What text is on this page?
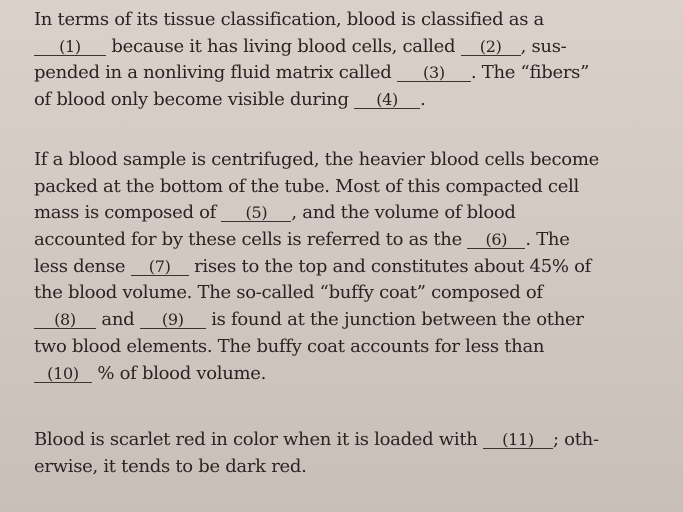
In terms of its tissue classification, blood is classified as a
(1) because it has living blood cells, called (2) , sus-
pended in a nonliving fluid matrix called (3) . The “fibers”
of blood only become visible during (4) .
If a blood sample is centrifuged, the heavier blood cells become
packed at the bottom of the tube. Most of this compacted cell
mass is composed of (5) , and the volume of blood
accounted for by these cells is referred to as the (6) . The
less dense (7) rises to the top and constitutes about 45% of
the blood volume. The so-called “buffy coat” composed of
(8) and (9) is found at the junction between the other
two blood elements. The buffy coat accounts for less than
(10) % of blood volume.
Blood is scarlet red in color when it is loaded with (11) ; oth-
erwise, it tends to be dark red.
